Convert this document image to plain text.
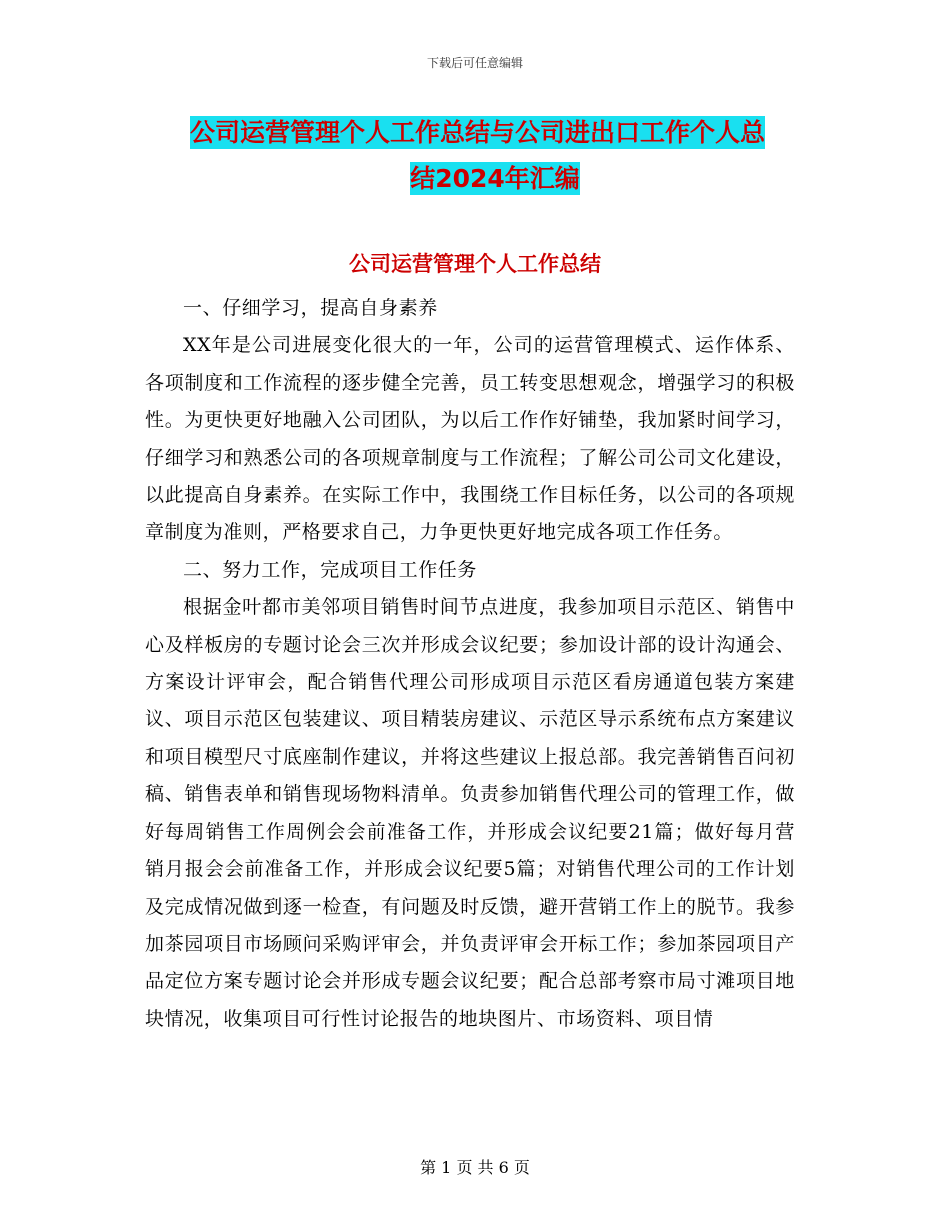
下载后可任意编辑
公司运营管理个人工作总结与公司进出口工作个人总

结2024年汇编
公司运营管理个人工作总结

一、仔细学习，提高自身素养

XX年是公司进展变化很大的一年，公司的运营管理模式、运作体系、各项制度和工作流程的逐步健全完善，员工转变思想观念，增强学习的积极性。为更快更好地融入公司团队，为以后工作作好铺垫，我加紧时间学习，仔细学习和熟悉公司的各项规章制度与工作流程；了解公司公司文化建设，以此提高自身素养。在实际工作中，我围绕工作目标任务，以公司的各项规章制度为准则，严格要求自己，力争更快更好地完成各项工作任务。

二、努力工作，完成项目工作任务

根据金叶都市美邻项目销售时间节点进度，我参加项目示范区、销售中心及样板房的专题讨论会三次并形成会议纪要；参加设计部的设计沟通会、方案设计评审会，配合销售代理公司形成项目示范区看房通道包装方案建议、项目示范区包装建议、项目精装房建议、示范区导示系统布点方案建议和项目模型尺寸底座制作建议，并将这些建议上报总部。我完善销售百问初稿、销售表单和销售现场物料清单。负责参加销售代理公司的管理工作，做好每周销售工作周例会会前准备工作，并形成会议纪要21篇；做好每月营销月报会会前准备工作，并形成会议纪要5篇；对销售代理公司的工作计划及完成情况做到逐一检查，有问题及时反馈，避开营销工作上的脱节。我参加茶园项目市场顾问采购评审会，并负责评审会开标工作；参加茶园项目产品定位方案专题讨论会并形成专题会议纪要；配合总部考察市局寸滩项目地块情况，收集项目可行性讨论报告的地块图片、市场资料、项目情

第 1 页 共 6 页
